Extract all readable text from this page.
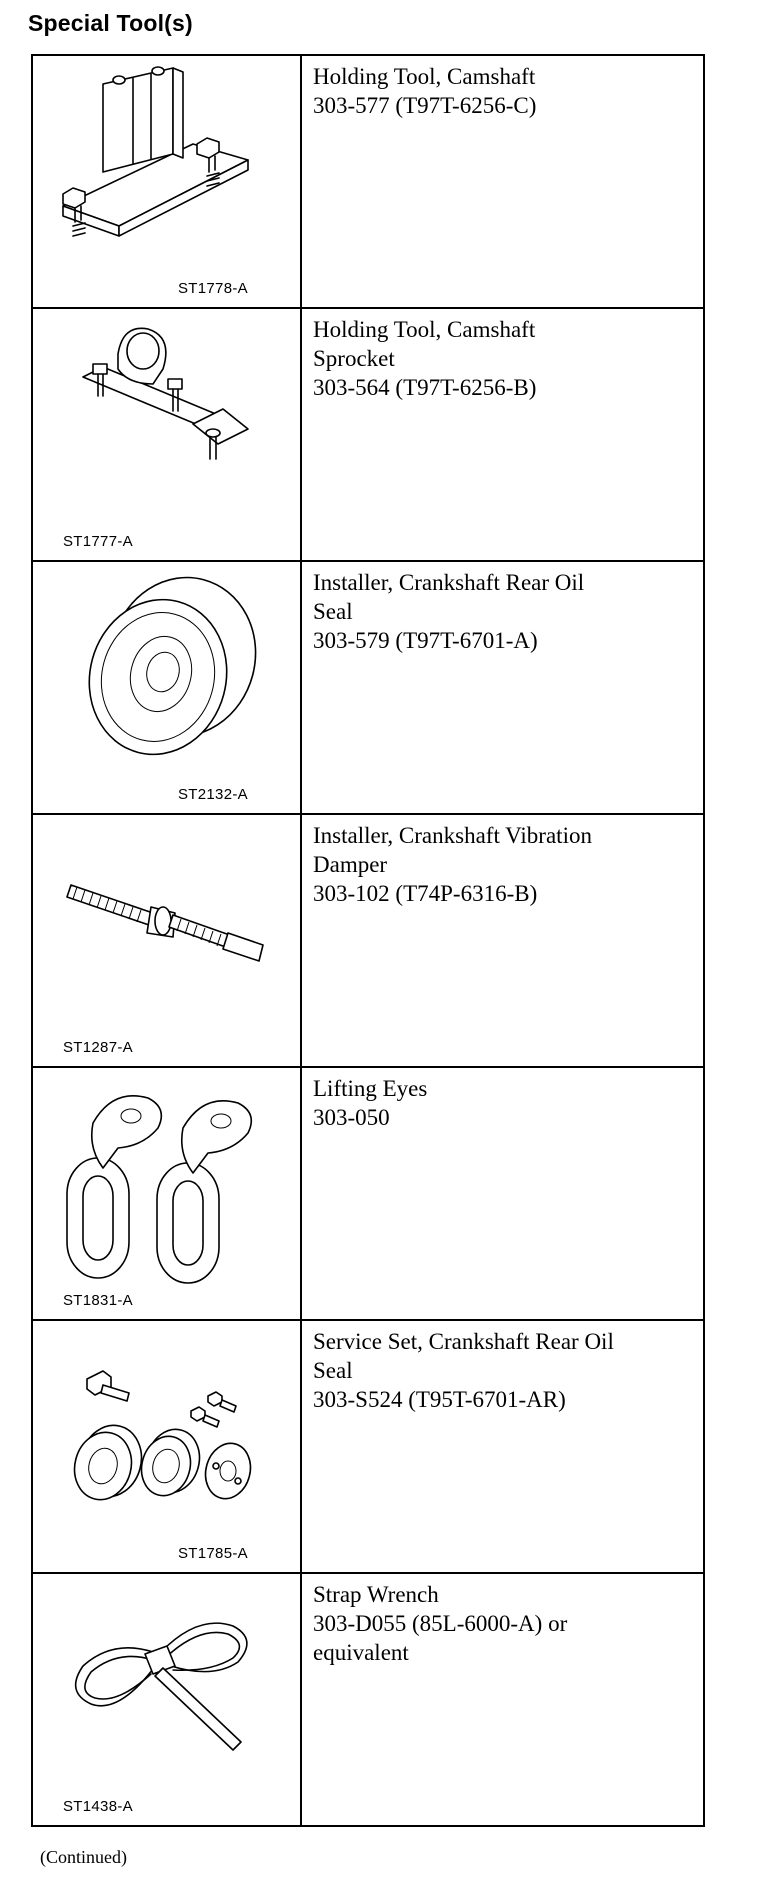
Special Tool(s)
ST1778-A	Holding Tool, Camshaft
303-577 (T97T-6256-C)

ST1777-A	Holding Tool, Camshaft
Sprocket
303-564 (T97T-6256-B)

ST2132-A	Installer, Crankshaft Rear Oil
Seal
303-579 (T97T-6701-A)

ST1287-A	Installer, Crankshaft Vibration
Damper
303-102 (T74P-6316-B)

ST1831-A	Lifting Eyes
303-050

ST1785-A	Service Set, Crankshaft Rear Oil
Seal
303-S524 (T95T-6701-AR)

ST1438-A	Strap Wrench
303-D055 (85L-6000-A) or
equivalent
(Continued)
